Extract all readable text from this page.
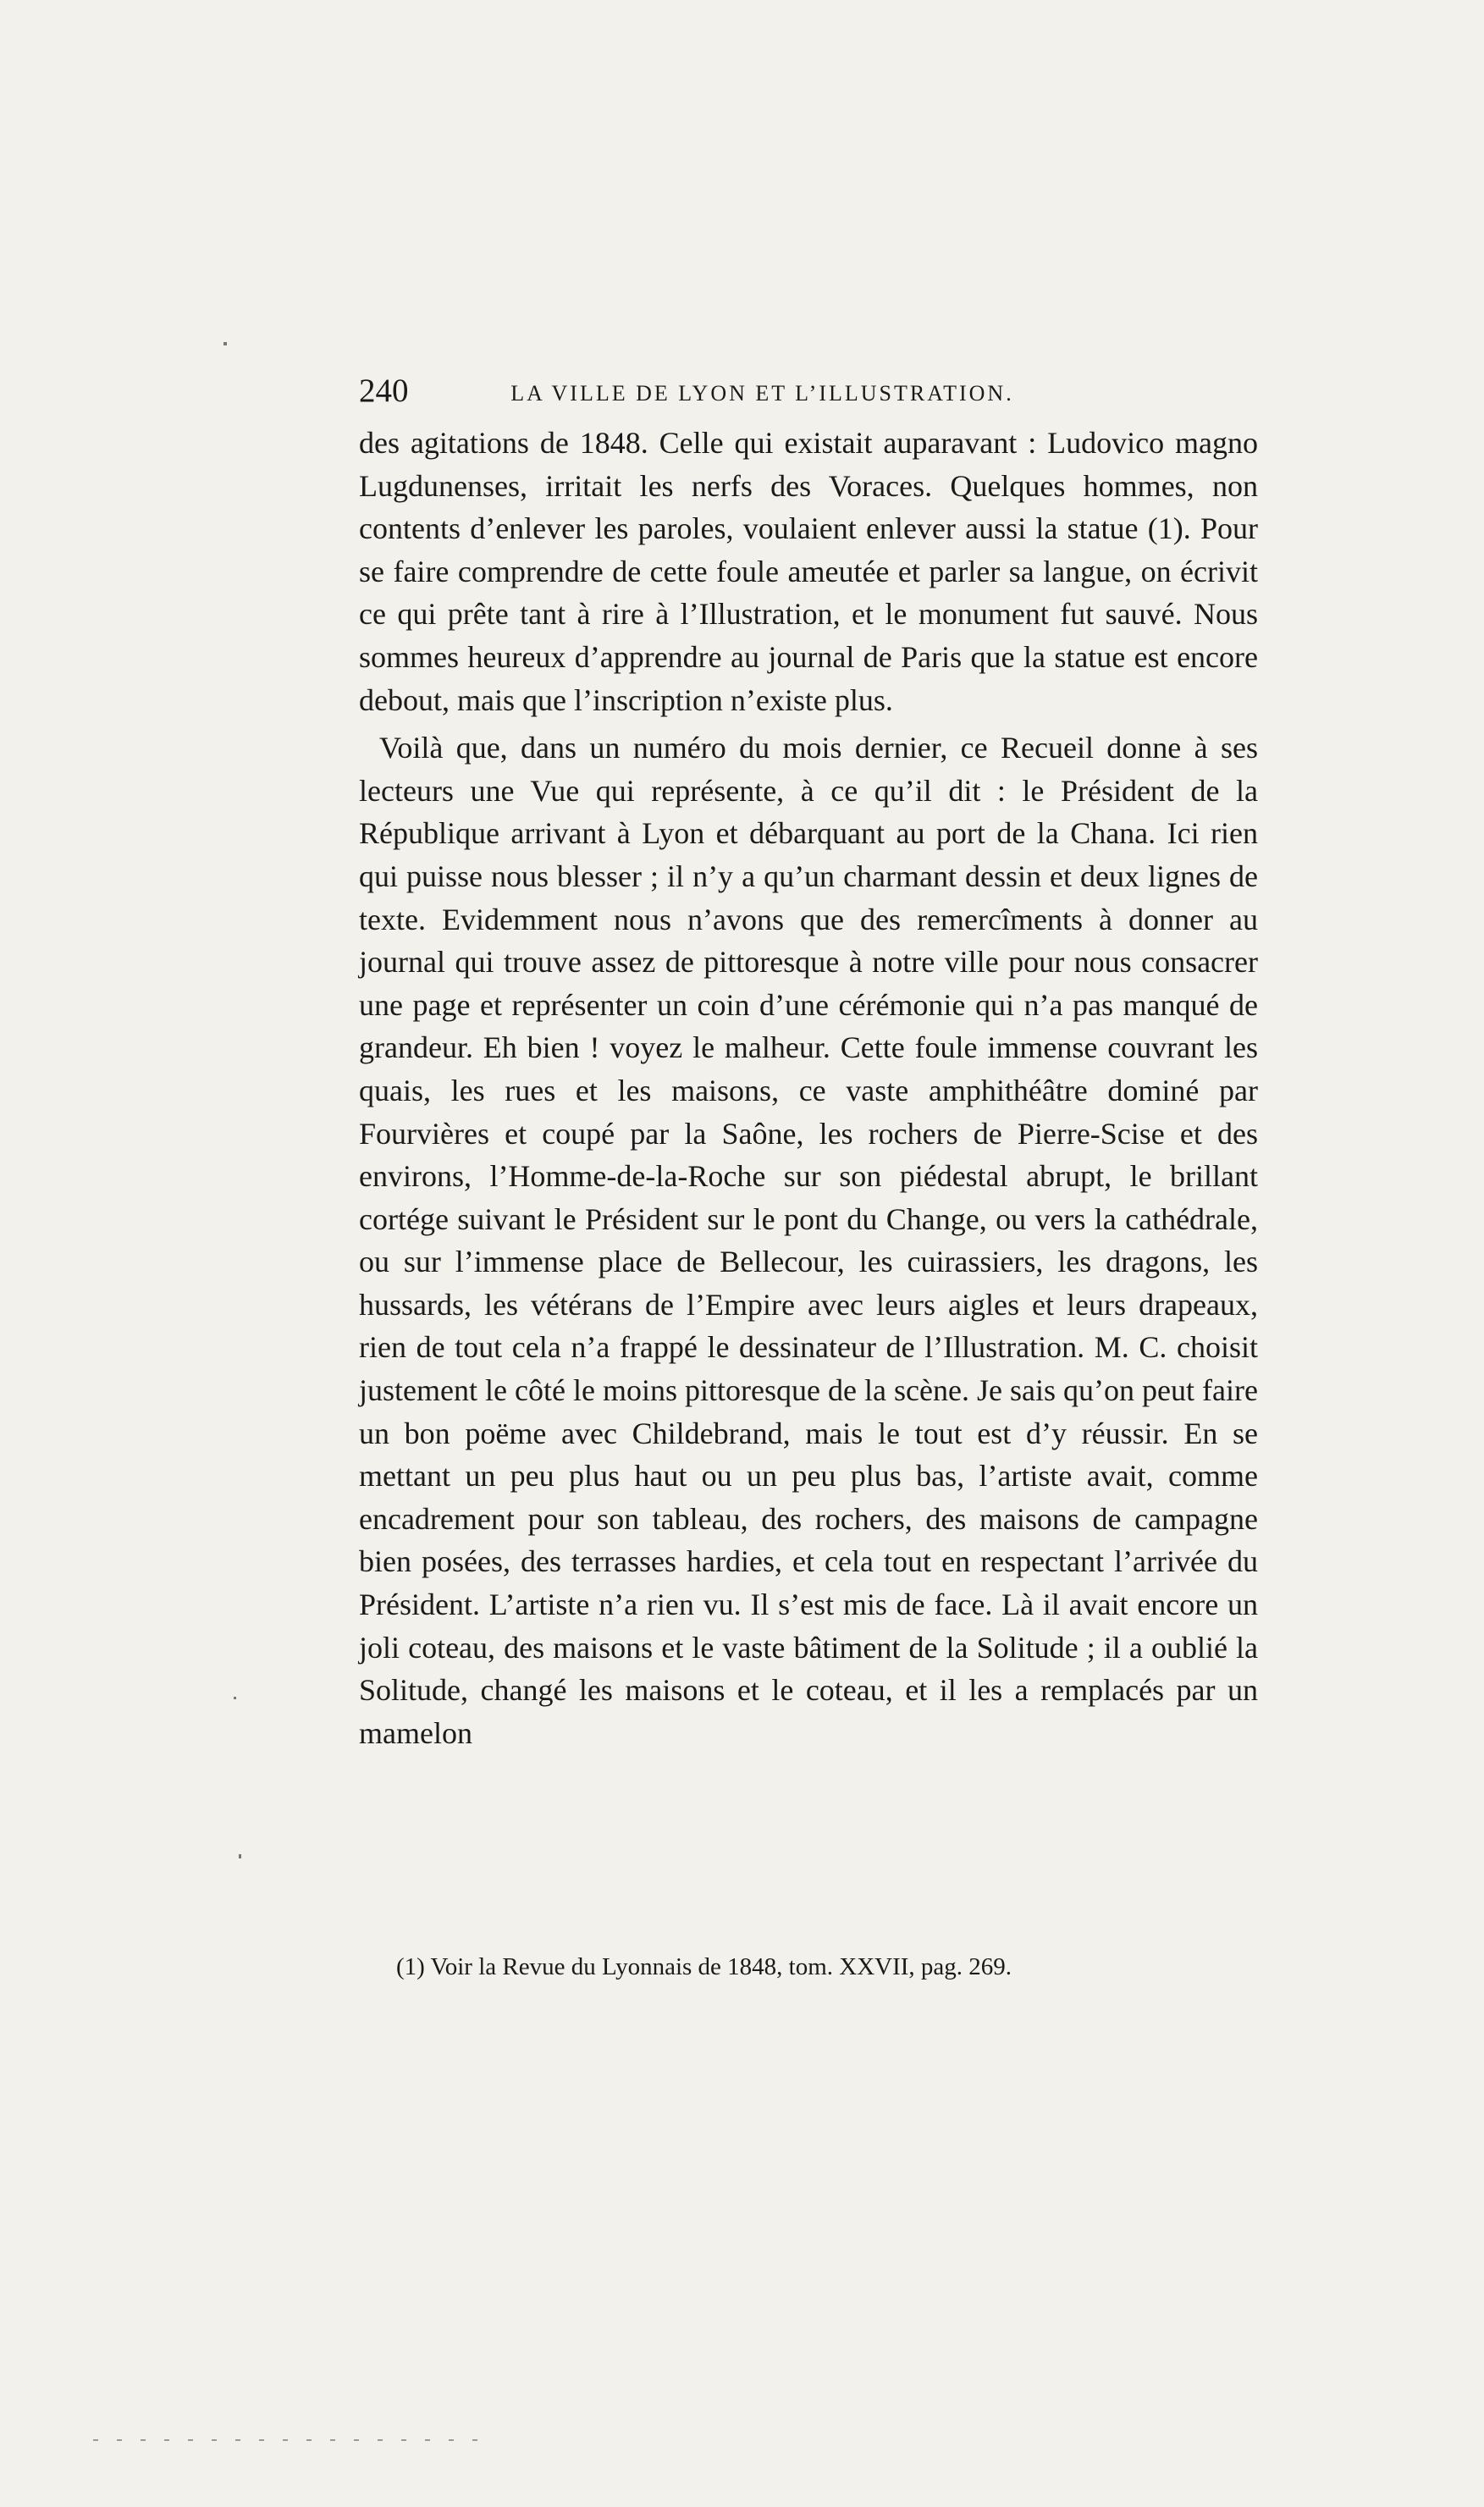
240	LA VILLE DE LYON ET L’ILLUSTRATION.

des agitations de 1848. Celle qui existait auparavant : Ludovico magno Lugdunenses, irritait les nerfs des Voraces. Quelques hommes, non contents d’enlever les paroles, voulaient enlever aussi la statue (1). Pour se faire comprendre de cette foule ameutée et parler sa langue, on écrivit ce qui prête tant à rire à l’Illustration, et le monument fut sauvé. Nous sommes heureux d’apprendre au journal de Paris que la statue est encore debout, mais que l’inscription n’existe plus.

Voilà que, dans un numéro du mois dernier, ce Recueil donne à ses lecteurs une Vue qui représente, à ce qu’il dit : le Président de la République arrivant à Lyon et débarquant au port de la Chana. Ici rien qui puisse nous blesser ; il n’y a qu’un charmant dessin et deux lignes de texte. Evidemment nous n’avons que des remercîments à donner au journal qui trouve assez de pittoresque à notre ville pour nous consacrer une page et représenter un coin d’une cérémonie qui n’a pas manqué de grandeur. Eh bien ! voyez le malheur. Cette foule immense couvrant les quais, les rues et les maisons, ce vaste amphithéâtre dominé par Fourvières et coupé par la Saône, les rochers de Pierre-Scise et des environs, l’Homme-de-la-Roche sur son piédestal abrupt, le brillant cortége suivant le Président sur le pont du Change, ou vers la cathédrale, ou sur l’immense place de Bellecour, les cuirassiers, les dragons, les hussards, les vétérans de l’Empire avec leurs aigles et leurs drapeaux, rien de tout cela n’a frappé le dessinateur de l’Illustration. M. C. choisit justement le côté le moins pittoresque de la scène. Je sais qu’on peut faire un bon poëme avec Childebrand, mais le tout est d’y réussir. En se mettant un peu plus haut ou un peu plus bas, l’artiste avait, comme encadrement pour son tableau, des rochers, des maisons de campagne bien posées, des terrasses hardies, et cela tout en respectant l’arrivée du Président. L’artiste n’a rien vu. Il s’est mis de face. Là il avait encore un joli coteau, des maisons et le vaste bâtiment de la Solitude ; il a oublié la Solitude, changé les maisons et le coteau, et il les a remplacés par un mamelon

(1) Voir la Revue du Lyonnais de 1848, tom. XXVII, pag. 269.
